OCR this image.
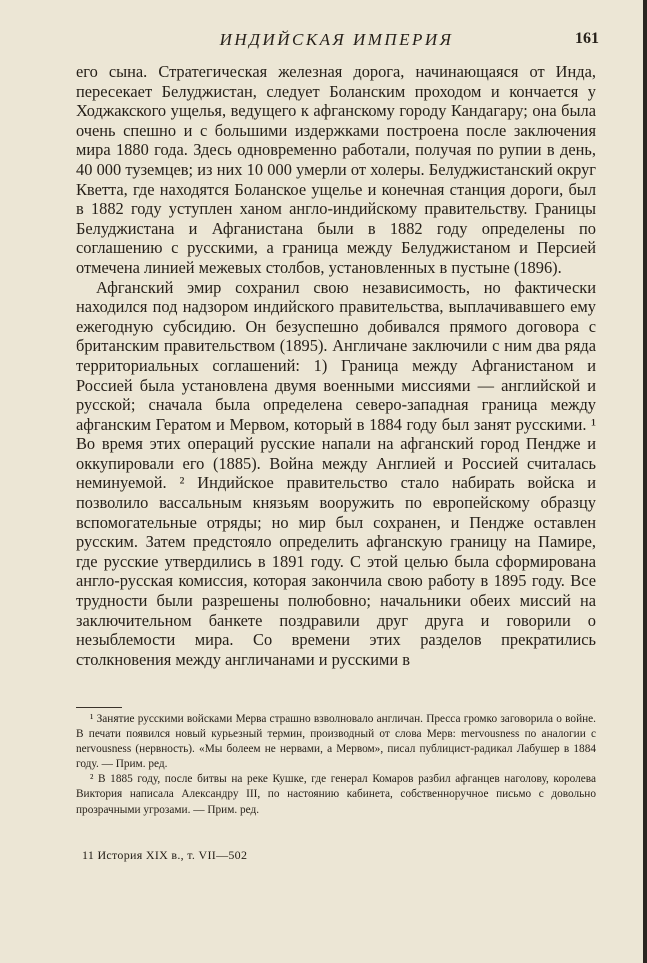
ИНДИЙСКАЯ ИМПЕРИЯ	161

его сына. Стратегическая железная дорога, начинающаяся от Инда, пересекает Белуджистан, следует Боланским проходом и кончается у Ходжакского ущелья, ведущего к афганскому городу Кандагару; она была очень спешно и с большими издержками построена после заключения мира 1880 года. Здесь одновременно работали, получая по рупии в день, 40 000 туземцев; из них 10 000 умерли от холеры. Белуджистанский округ Кветта, где находятся Боланское ущелье и конечная станция дороги, был в 1882 году уступлен ханом англо-индийскому правительству. Границы Белуджистана и Афганистана были в 1882 году определены по соглашению с русскими, а граница между Белуджистаном и Персией отмечена линией межевых столбов, установленных в пустыне (1896).

Афганский эмир сохранил свою независимость, но фактически находился под надзором индийского правительства, выплачивавшего ему ежегодную субсидию. Он безуспешно добивался прямого договора с британским правительством (1895). Англичане заключили с ним два ряда территориальных соглашений: 1) Граница между Афганистаном и Россией была установлена двумя военными миссиями — английской и русской; сначала была определена северо-западная граница между афганским Гератом и Мервом, который в 1884 году был занят русскими. ¹ Во время этих операций русские напали на афганский город Пендже и оккупировали его (1885). Война между Англией и Россией считалась неминуемой. ² Индийское правительство стало набирать войска и позволило вассальным князьям вооружить по европейскому образцу вспомогательные отряды; но мир был сохранен, и Пендже оставлен русским. Затем предстояло определить афганскую границу на Памире, где русские утвердились в 1891 году. С этой целью была сформирована англо-русская комиссия, которая закончила свою работу в 1895 году. Все трудности были разрешены полюбовно; начальники обеих миссий на заключительном банкете поздравили друг друга и говорили о незыблемости мира. Со времени этих разделов прекратились столкновения между англичанами и русскими в

¹ Занятие русскими войсками Мерва страшно взволновало англичан. Пресса громко заговорила о войне. В печати появился новый курьезный термин, производный от слова Мерв: mervousness по аналогии с nervousness (нервность). «Мы болеем не нервами, а Мервом», писал публицист-радикал Лабушер в 1884 году. — Прим. ред.

² В 1885 году, после битвы на реке Кушке, где генерал Комаров разбил афганцев наголову, королева Виктория написала Александру III, по настоянию кабинета, собственноручное письмо с довольно прозрачными угрозами. — Прим. ред.

11 История XIX в., т. VII—502
